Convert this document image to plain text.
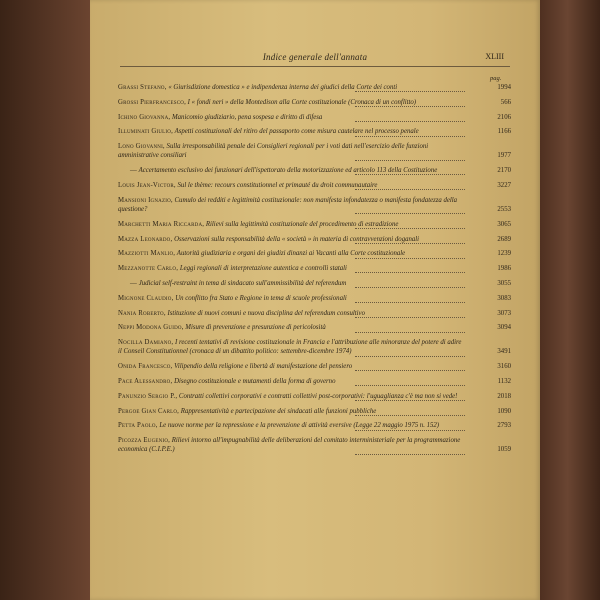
Indice generale dell'annata	XLIII
pag.
Grassi Stefano, « Giurisdizione domestica » e indipendenza interna dei giudici della Corte dei conti	1994
Grossi Pierfrancesco, I « fondi neri » della Montedison alla Corte costituzionale (Cronaca di un conflitto)	566
Ichino Giovanna, Manicomio giudiziario, pena sospesa e diritto di difesa	2106
Illuminati Giulio, Aspetti costituzionali del ritiro del passaporto come misura cautelare nel processo penale	1166
Lono Giovanni, Sulla irresponsabilità penale dei Consiglieri regionali per i voti dati nell'esercizio delle funzioni amministrative consiliari	1977
— Accertamento esclusivo dei funzionari dell'ispettorato della motorizzazione ed articolo 113 della Costituzione	2170
Louis Jean-Victor, Sul le thème: recours constitutionnel et primauté du droit communautaire	3227
Mansioni Ignazio, Cumulo dei redditi e legittimità costituzionale: non manifesta infondatezza o manifesta fondatezza della questione?	2553
Marchetti Maria Riccarda, Rilievi sulla legittimità costituzionale del procedimento di estradizione	3065
Mazza Leonardo, Osservazioni sulla responsabilità della « società » in materia di contravvenzioni doganali	2689
Mazziotti Manlio, Autorità giudiziaria e organi dei giudizi dinanzi ai Vacanti alla Corte costituzionale	1239
Mezzanotte Carlo, Leggi regionali di interpretazione autentica e controlli statali	1986
— Judicial self-restraint in tema di sindacato sull'ammissibilità del referendum	3055
Mignone Claudio, Un conflitto fra Stato e Regione in tema di scuole professionali	3083
Nania Roberto, Istituzione di nuovi comuni e nuova disciplina del referendum consultivo	3073
Neppi Modona Guido, Misure di prevenzione e presunzione di pericolosità	3094
Nocilla Damiano, I recenti tentativi di revisione costituzionale in Francia e l'attribuzione alle minoranze del potere di adire il Conseil Constitutionnel (cronaca di un dibattito politico: settembre-dicembre 1974)	3491
Onida Francesco, Vilipendio della religione e libertà di manifestazione del pensiero	3160
Pace Alessandro, Disegno costituzionale e mutamenti della forma di governo	1132
Panunzio Sergio P., Contratti collettivi corporativi e contratti collettivi post-corporativi: l'uguaglianza c'è ma non si vede!	2018
Pergoe Gian Carlo, Rappresentatività e partecipazione dei sindacati alle funzioni pubbliche	1090
Petta Paolo, Le nuove norme per la repressione e la prevenzione di attività eversive (Legge 22 maggio 1975 n. 152)	2793
Picozza Eugenio, Rilievi intorno all'impugnabilità delle deliberazioni del comitato interministeriale per la programmazione economica (C.I.P.E.)	1059
